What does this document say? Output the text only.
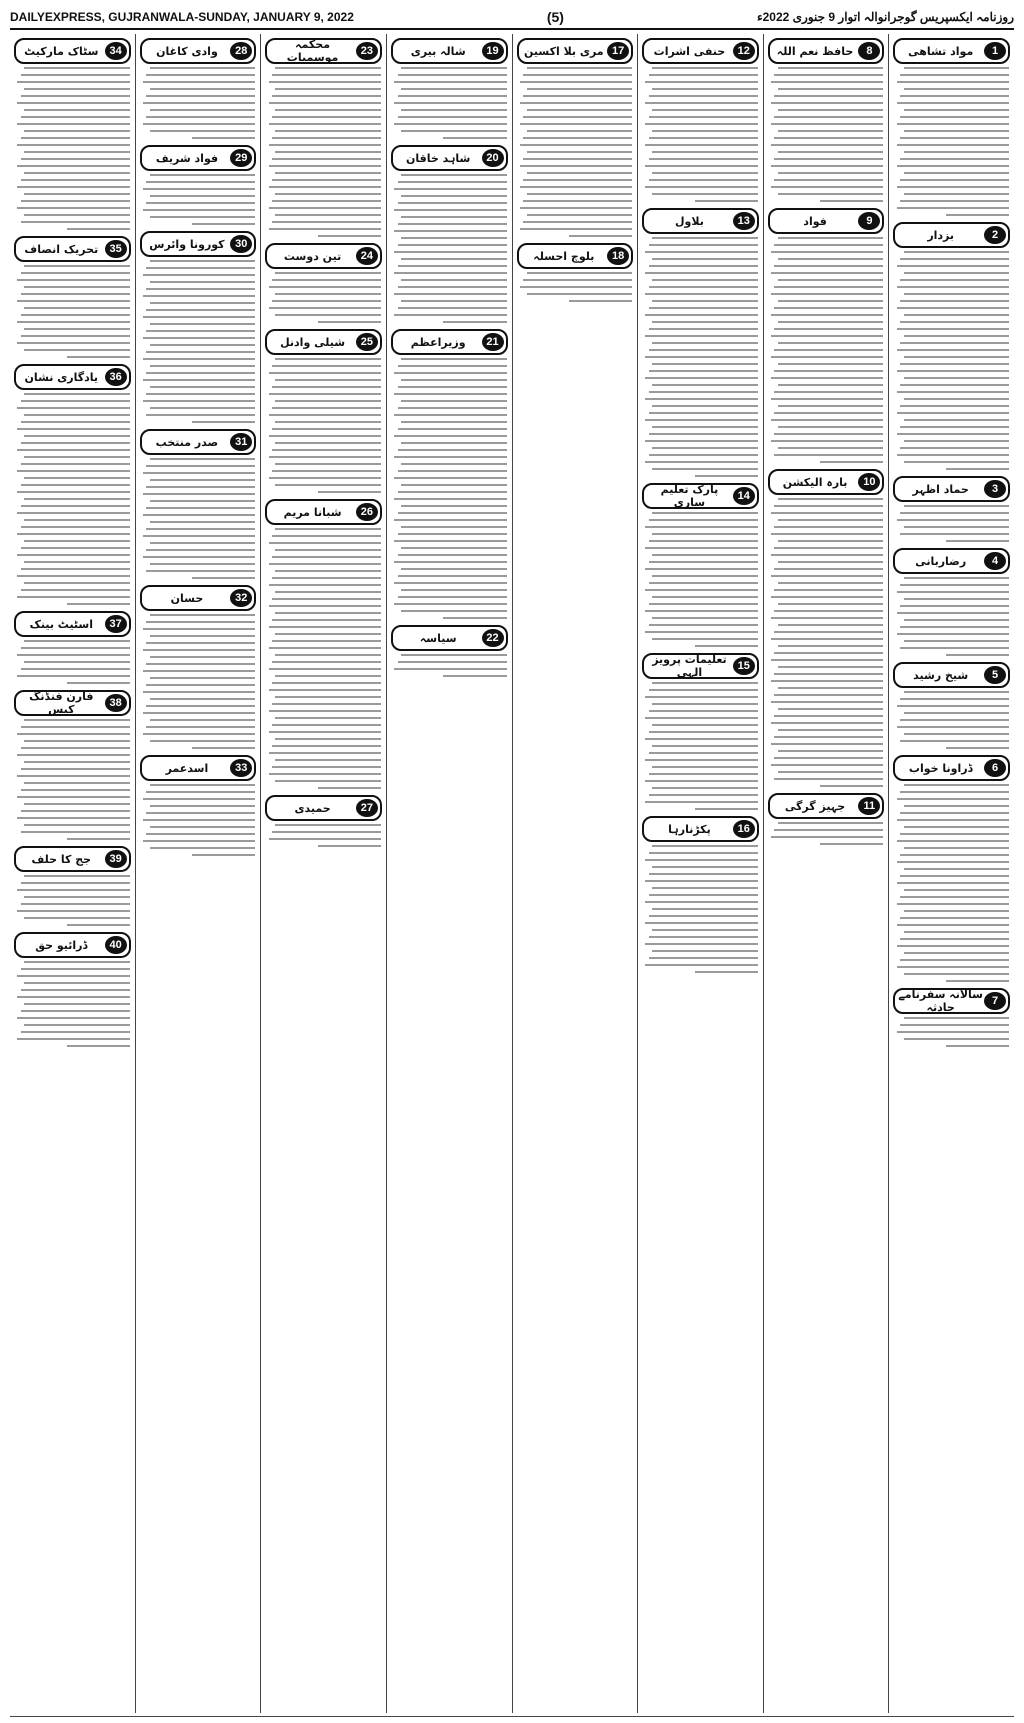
DAILYEXPRESS, GUJRANWALA-SUNDAY, JANUARY 9, 2022	(5)	روزنامہ ایکسپریس گوجرانوالہ اتوار 9 جنوری 2022ء
1
مواد تشاھی
2
بزدار
3
حماد اظہر
4
رضاربانی
5
شیخ رشید
6
ڈراونا خواب
7
سالانہ سفرنامے حادثہ
8
حافظ نعم اللہ
9
فواد
10
بارہ الیکشن
11
جہیز گرگی
12
حنفی اشرات
13
بلاول
14
پارک تعلیم ساری
15
تعلیمات پرویز الہی
16
پکڑنارہا
17
مری بلا اکسین
18
بلوچ احسلہ
19
شالہ بیری
20
شاہد خاقان
21
وزیراعظم
22
سیاسہ
23
محکمہ موسمیات
24
تین دوست
25
شیلی وادنل
26
شبانا مریم
27
حمیدی
28
وادی کاغان
29
فواد شریف
30
کورونا وائرس
31
صدر منتخب
32
حسان
33
اسدعمر
34
سٹاک مارکیٹ
35
تحریک انصاف
36
یادگاری نشان
37
اسٹیٹ بینک
38
فارن فنڈنگ کیس
39
جج کا حلف
40
ڈرائیو حق
